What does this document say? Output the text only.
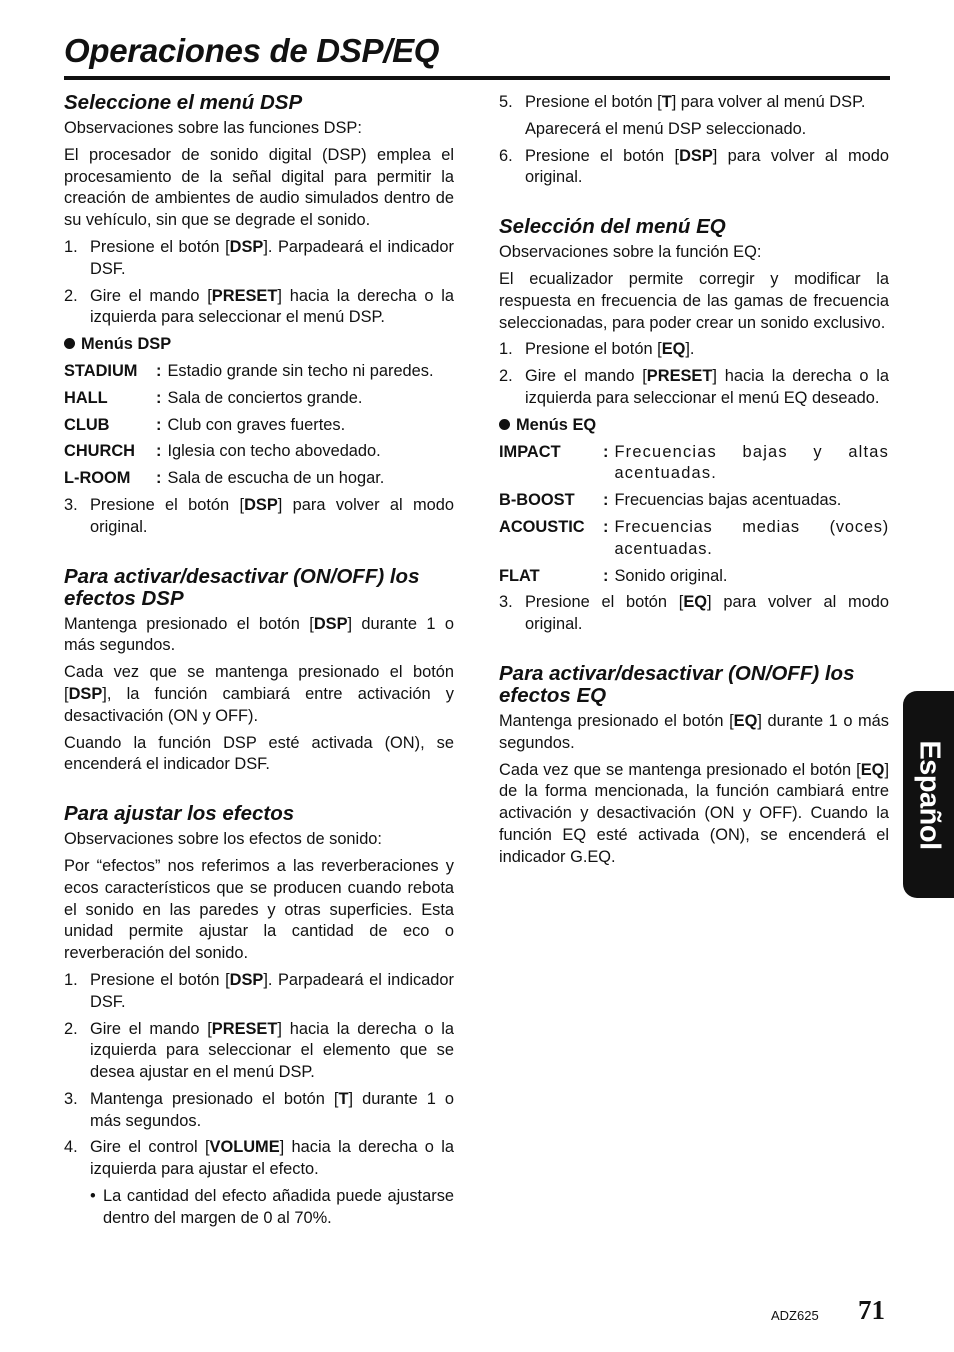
Operaciones de DSP/EQ
Seleccione el menú DSP

Observaciones sobre las funciones DSP:

El procesador de sonido digital (DSP) emplea el procesamiento de la señal digital para permitir la creación de ambientes de audio simulados dentro de su vehículo, sin que se degrade el sonido.

1. Presione el botón [DSP]. Parpadeará el indicador DSF.
2. Gire el mando [PRESET] hacia la derecha o la izquierda para seleccionar el menú DSP.
Menús DSP
STADIUM	: Estadio grande sin techo ni paredes.
HALL	: Sala de conciertos grande.
CLUB	: Club con graves fuertes.
CHURCH	: Iglesia con techo abovedado.
L-ROOM	: Sala de escucha de un hogar.
3. Presione el botón [DSP] para volver al modo original.
Para activar/desactivar (ON/OFF) los efectos DSP

Mantenga presionado el botón [DSP] durante 1 o más segundos.

Cada vez que se mantenga presionado el botón [DSP], la función cambiará entre activación y desactivación (ON y OFF).

Cuando la función DSP esté activada (ON), se encenderá el indicador DSF.

Para ajustar los efectos

Observaciones sobre los efectos de sonido:

Por “efectos” nos referimos a las reverberaciones y ecos característicos que se producen cuando rebota el sonido en las paredes y otras superficies. Esta unidad permite ajustar la cantidad de eco o reverberación del sonido.

1. Presione el botón [DSP]. Parpadeará el indicador DSF.
2. Gire el mando [PRESET] hacia la derecha o la izquierda para seleccionar el elemento que se desea ajustar en el menú DSP.
3. Mantenga presionado el botón [T] durante 1 o más segundos.
4. Gire el control [VOLUME] hacia la derecha o la izquierda para ajustar el efecto.
• La cantidad del efecto añadida puede ajustarse dentro del margen de 0 al 70%.
5. Presione el botón [T] para volver al menú DSP.
Aparecerá el menú DSP seleccionado.
6. Presione el botón [DSP] para volver al modo original.
Selección del menú EQ

Observaciones sobre la función EQ:

El ecualizador permite corregir y modificar la respuesta en frecuencia de las gamas de frecuencia seleccionadas, para poder crear un sonido exclusivo.

1. Presione el botón [EQ].
2. Gire el mando [PRESET] hacia la derecha o la izquierda para seleccionar el menú EQ deseado.
Menús EQ
IMPACT	: Frecuencias bajas y altas acentuadas.
B-BOOST	: Frecuencias bajas acentuadas.
ACOUSTIC	: Frecuencias medias (voces) acentuadas.
FLAT	: Sonido original.
3. Presione el botón [EQ] para volver al modo original.
Para activar/desactivar (ON/OFF) los efectos EQ

Mantenga presionado el botón [EQ] durante 1 o más segundos.

Cada vez que se mantenga presionado el botón [EQ] de la forma mencionada, la función cambiará entre activación y desactivación (ON y OFF). Cuando la función EQ esté activada (ON), se encenderá el indicador G.EQ.

Español
ADZ625 71
